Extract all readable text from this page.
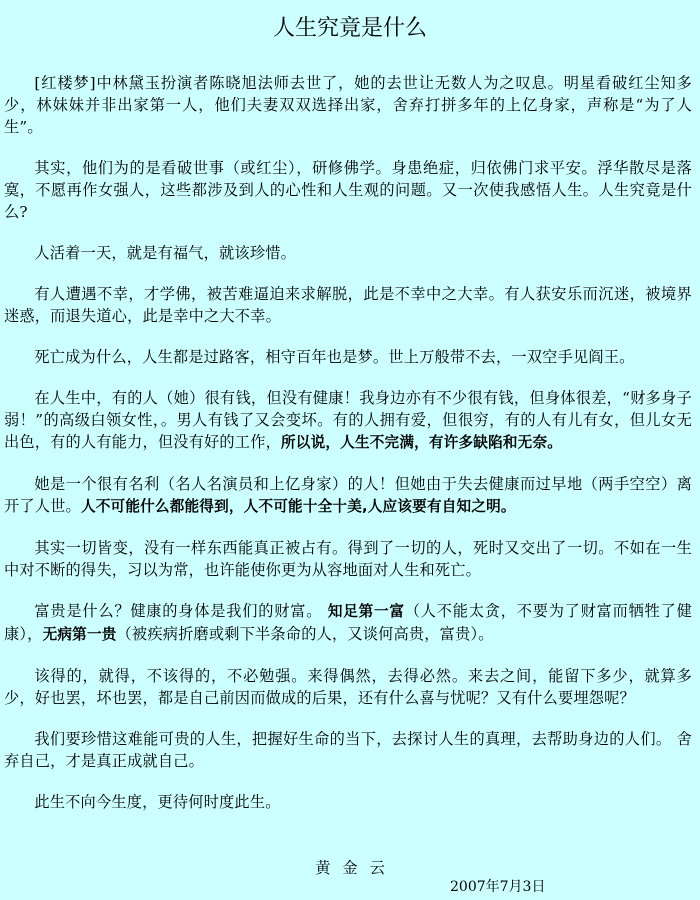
人生究竟是什么

[红楼梦]中林黛玉扮演者陈晓旭法师去世了，她的去世让无数人为之叹息。明星看破红尘知多少，林妹妹并非出家第一人，他们夫妻双双选择出家，舍弃打拼多年的上亿身家，声称是“为了人生”。

其实，他们为的是看破世事（或红尘），研修佛学。身患绝症，归依佛门求平安。浮华散尽是落寞，不愿再作女强人，这些都涉及到人的心性和人生观的问题。又一次使我感悟人生。人生究竟是什么?

人活着一天，就是有福气，就该珍惜。

有人遭遇不幸，才学佛，被苦难逼迫来求解脱，此是不幸中之大幸。有人获安乐而沉迷，被境界迷惑，而退失道心，此是幸中之大不幸。

死亡成为什么，人生都是过路客，相守百年也是梦。世上万般带不去，一双空手见阎王。

在人生中，有的人（她）很有钱，但没有健康！我身边亦有不少很有钱，但身体很差，“财多身子弱！”的高级白领女性，。男人有钱了又会变坏。有的人拥有爱，但很穷，有的人有儿有女，但儿女无出色，有的人有能力，但没有好的工作，所以说，人生不完满，有许多缺陷和无奈。

她是一个很有名利（名人名演员和上亿身家）的人！但她由于失去健康而过早地（两手空空）离开了人世。人不可能什么都能得到，人不可能十全十美,人应该要有自知之明。

其实一切皆变，没有一样东西能真正被占有。得到了一切的人，死时又交出了一切。不如在一生中对不断的得失，习以为常，也许能使你更为从容地面对人生和死亡。

富贵是什么？健康的身体是我们的财富。 知足第一富（人不能太贪，不要为了财富而牺牲了健康），无病第一贵（被疾病折磨或剩下半条命的人，又谈何高贵，富贵）。

该得的，就得，不该得的，不必勉强。来得偶然，去得必然。来去之间，能留下多少，就算多少，好也罢，坏也罢，都是自己前因而做成的后果，还有什么喜与忧呢？又有什么要埋怨呢？

我们要珍惜这难能可贵的人生，把握好生命的当下，去探讨人生的真理，去帮助身边的人们。 舍弃自己，才是真正成就自己。

此生不向今生度，更待何时度此生。

黄金云
2007年7月3日
